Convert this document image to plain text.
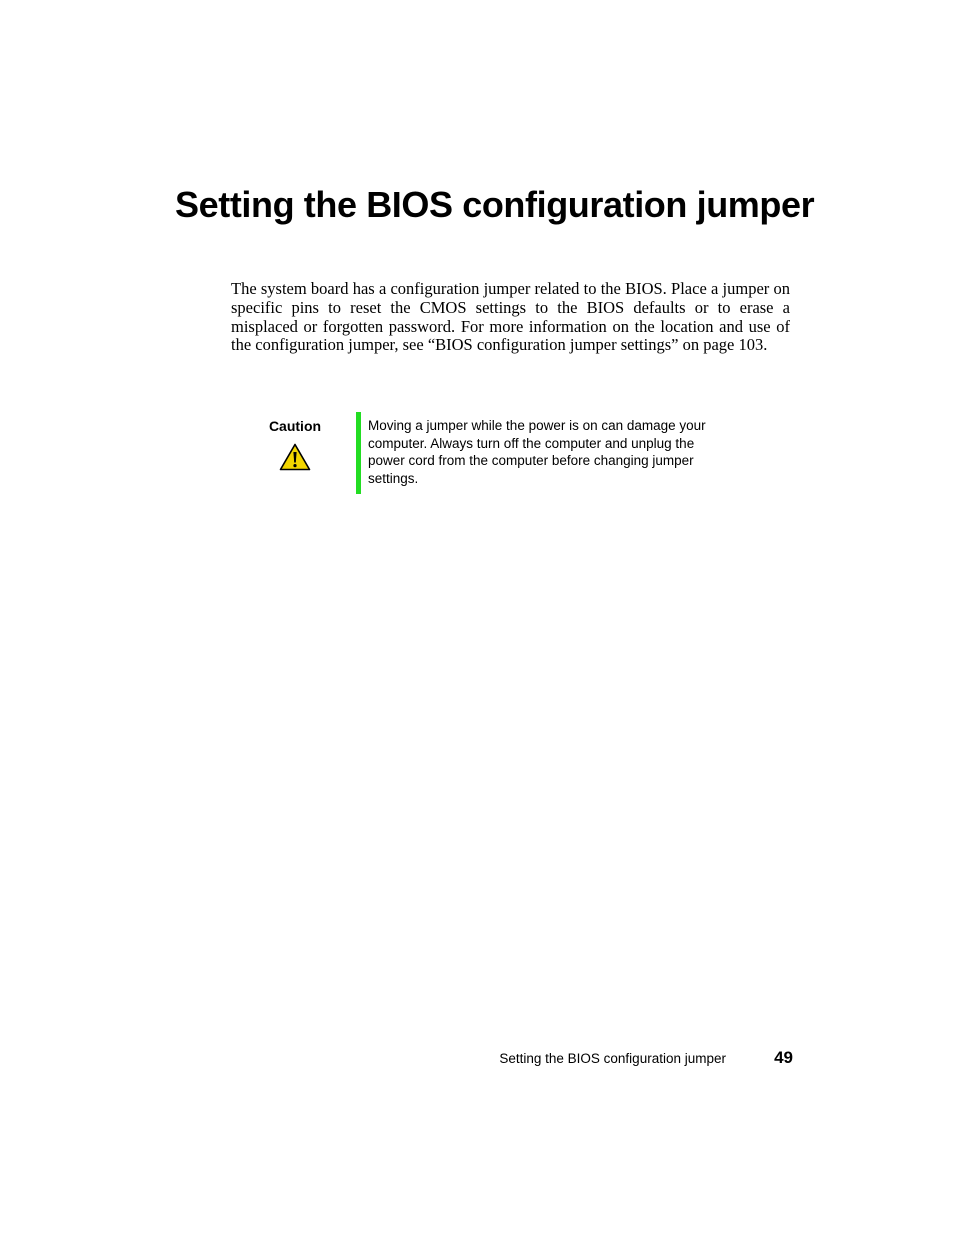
Setting the BIOS configuration jumper

The system board has a configuration jumper related to the BIOS. Place a jumper on specific pins to reset the CMOS settings to the BIOS defaults or to erase a misplaced or forgotten password. For more information on the location and use of the configuration jumper, see “BIOS configuration jumper settings” on page 103.

Caution	Moving a jumper while the power is on can damage your computer. Always turn off the computer and unplug the power cord from the computer before changing jumper settings.

Setting the BIOS configuration jumper	49
